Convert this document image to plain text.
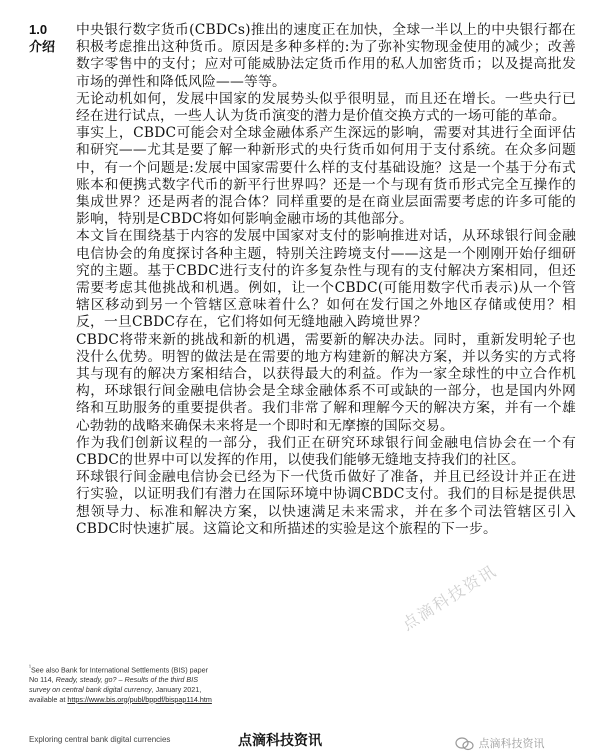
1.0
介绍

中央银行数字货币(CBDCs)推出的速度正在加快，全球一半以上的中央银行都在积极考虑推出这种货币。原因是多种多样的:为了弥补实物现金使用的减少；改善数字零售中的支付；应对可能威胁法定货币作用的私人加密货币；以及提高批发市场的弹性和降低风险——等等。

无论动机如何，发展中国家的发展势头似乎很明显，而且还在增长。一些央行已经在进行试点，一些人认为货币演变的潜力是价值交换方式的一场可能的革命。

事实上，CBDC可能会对全球金融体系产生深远的影响，需要对其进行全面评估和研究——尤其是要了解一种新形式的央行货币如何用于支付系统。在众多问题中，有一个问题是:发展中国家需要什么样的支付基础设施？这是一个基于分布式账本和便携式数字代币的新平行世界吗？还是一个与现有货币形式完全互操作的集成世界？还是两者的混合体？同样重要的是在商业层面需要考虑的许多可能的影响，特别是CBDC将如何影响金融市场的其他部分。

本文旨在围绕基于内容的发展中国家对支付的影响推进对话，从环球银行间金融电信协会的角度探讨各种主题，特别关注跨境支付——这是一个刚刚开始仔细研究的主题。基于CBDC进行支付的许多复杂性与现有的支付解决方案相同，但还需要考虑其他挑战和机遇。例如，让一个CBDC(可能用数字代币表示)从一个管辖区移动到另一个管辖区意味着什么？如何在发行国之外地区存储或使用？相反，一旦CBDC存在，它们将如何无缝地融入跨境世界？

CBDC将带来新的挑战和新的机遇，需要新的解决办法。同时，重新发明轮子也没什么优势。明智的做法是在需要的地方构建新的解决方案，并以务实的方式将其与现有的解决方案相结合，以获得最大的利益。作为一家全球性的中立合作机构，环球银行间金融电信协会是全球金融体系不可或缺的一部分，也是国内外网络和互助服务的重要提供者。我们非常了解和理解今天的解决方案，并有一个雄心勃勃的战略来确保未来将是一个即时和无摩擦的国际交易。

作为我们创新议程的一部分，我们正在研究环球银行间金融电信协会在一个有CBDC的世界中可以发挥的作用，以使我们能够无缝地支持我们的社区。

环球银行间金融电信协会已经为下一代货币做好了准备，并且已经设计并正在进行实验，以证明我们有潜力在国际环境中协调CBDC支付。我们的目标是提供思想领导力、标准和解决方案，以快速满足未来需求，并在多个司法管辖区引入CBDC时快速扩展。这篇论文和所描述的实验是这个旅程的下一步。

点滴科技资讯
$^{^1}$See also Bank for International Settlements (BIS) paper No 114, Ready, steady, go? – Results of the third BIS survey on central bank digital currency, January 2021, available at https://www.bis.org/publ/bppdf/bispap114.htm
Exploring central bank digital currencies	点滴科技资讯	点滴科技资讯
